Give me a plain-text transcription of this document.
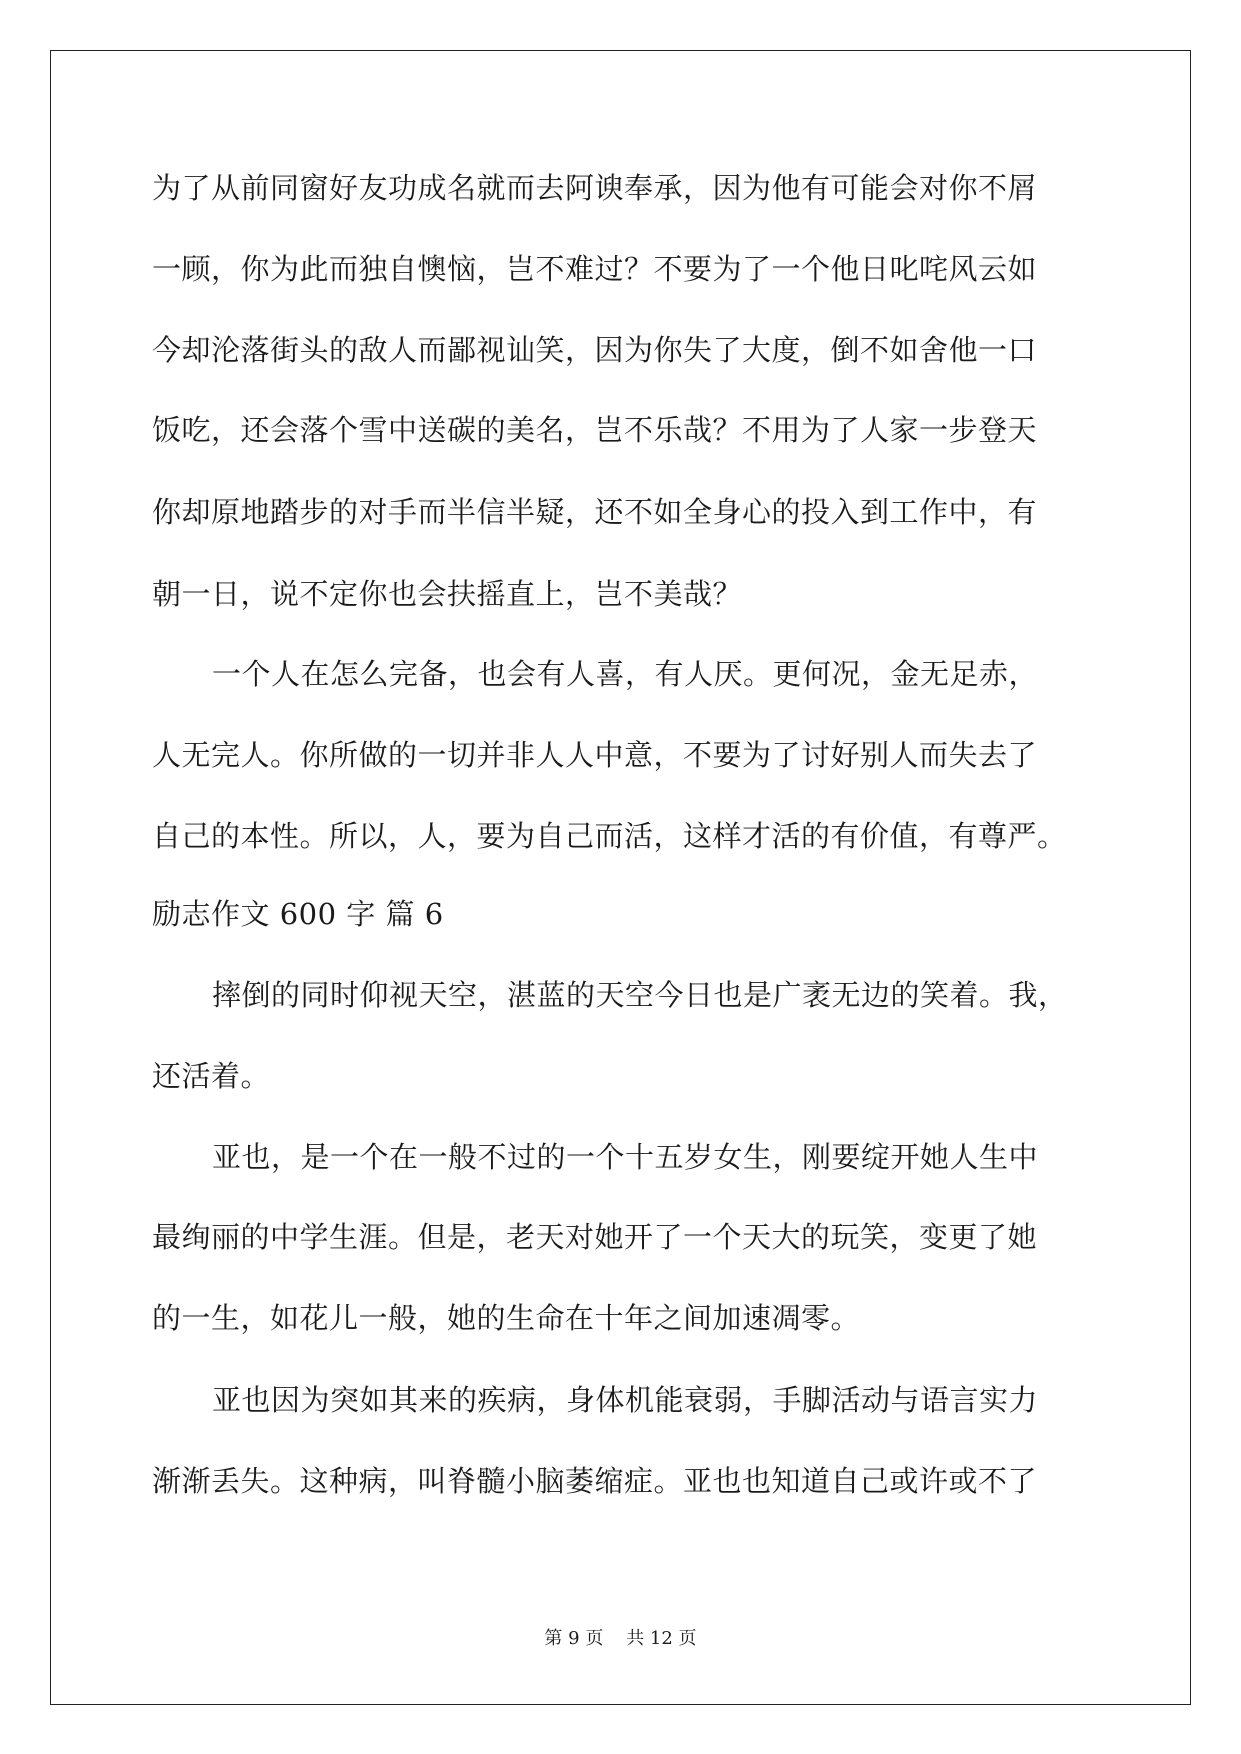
为了从前同窗好友功成名就而去阿谀奉承，因为他有可能会对你不屑
一顾，你为此而独自懊恼，岂不难过？不要为了一个他日叱咤风云如
今却沦落街头的敌人而鄙视讪笑，因为你失了大度，倒不如舍他一口
饭吃，还会落个雪中送碳的美名，岂不乐哉？不用为了人家一步登天
你却原地踏步的对手而半信半疑，还不如全身心的投入到工作中，有
朝一日，说不定你也会扶摇直上，岂不美哉？
一个人在怎么完备，也会有人喜，有人厌。更何况，金无足赤，
人无完人。你所做的一切并非人人中意，不要为了讨好别人而失去了
自己的本性。所以，人，要为自己而活，这样才活的有价值，有尊严。
励志作文 600 字 篇 6
摔倒的同时仰视天空，湛蓝的天空今日也是广袤无边的笑着。我，
还活着。
亚也，是一个在一般不过的一个十五岁女生，刚要绽开她人生中
最绚丽的中学生涯。但是，老天对她开了一个天大的玩笑，变更了她
的一生，如花儿一般，她的生命在十年之间加速凋零。
亚也因为突如其来的疾病，身体机能衰弱，手脚活动与语言实力
渐渐丢失。这种病，叫脊髓小脑萎缩症。亚也也知道自己或许或不了
第 9 页    共 12 页
